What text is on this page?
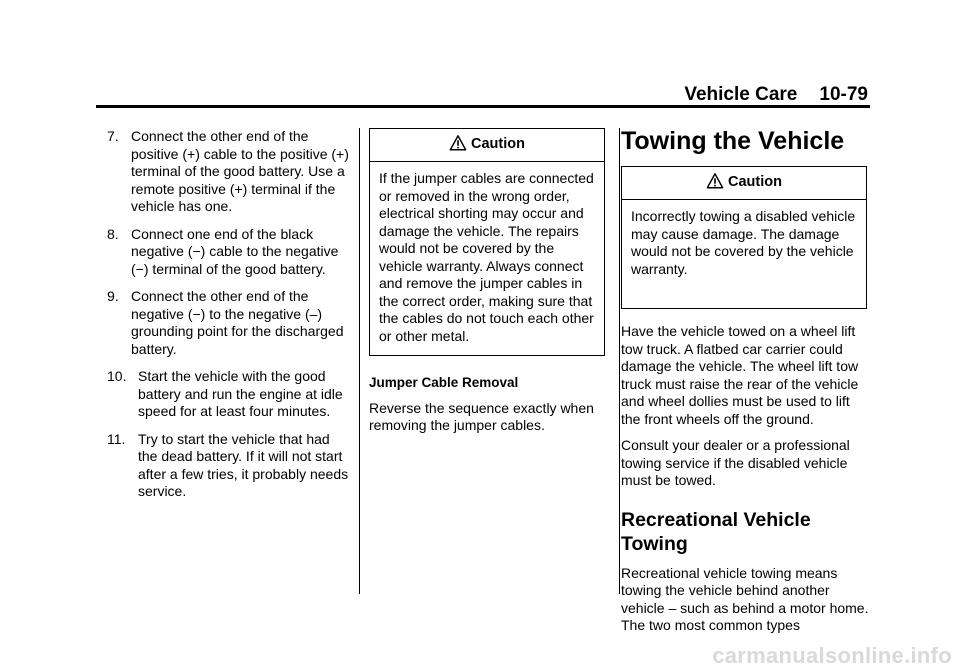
Vehicle Care 10-79
7. Connect the other end of the positive (+) cable to the positive (+) terminal of the good battery. Use a remote positive (+) terminal if the vehicle has one.
8. Connect one end of the black negative (−) cable to the negative (−) terminal of the good battery.
9. Connect the other end of the negative (−) to the negative (–) grounding point for the discharged battery.
10. Start the vehicle with the good battery and run the engine at idle speed for at least four minutes.
11. Try to start the vehicle that had the dead battery. If it will not start after a few tries, it probably needs service.
Caution
If the jumper cables are connected or removed in the wrong order, electrical shorting may occur and damage the vehicle. The repairs would not be covered by the vehicle warranty. Always connect and remove the jumper cables in the correct order, making sure that the cables do not touch each other or other metal.
Jumper Cable Removal
Reverse the sequence exactly when removing the jumper cables.
Towing the Vehicle
Caution
Incorrectly towing a disabled vehicle may cause damage. The damage would not be covered by the vehicle warranty.
Have the vehicle towed on a wheel lift tow truck. A flatbed car carrier could damage the vehicle. The wheel lift tow truck must raise the rear of the vehicle and wheel dollies must be used to lift the front wheels off the ground.
Consult your dealer or a professional towing service if the disabled vehicle must be towed.
Recreational Vehicle Towing
Recreational vehicle towing means towing the vehicle behind another vehicle – such as behind a motor home. The two most common types
carmanualsonline.info
